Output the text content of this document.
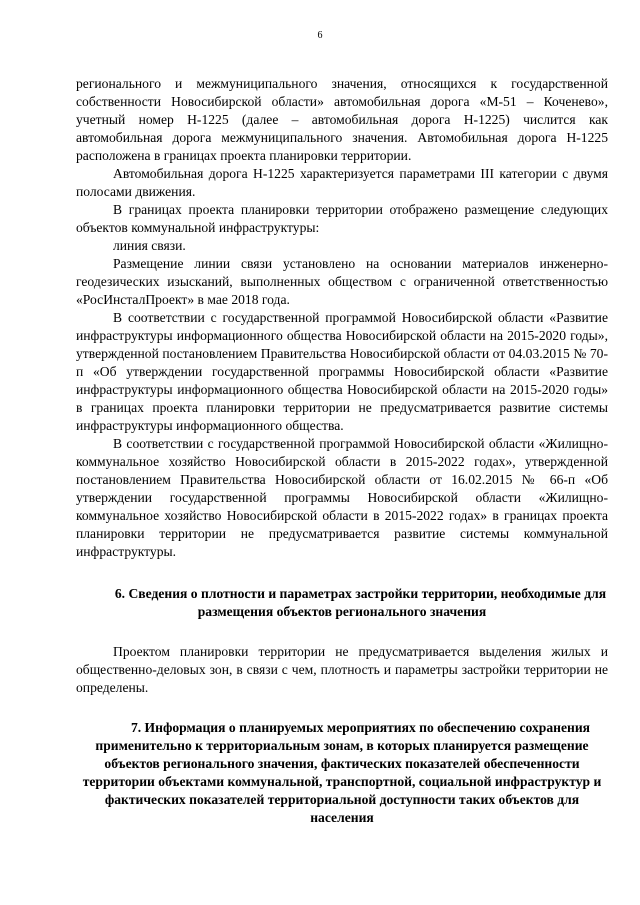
6

регионального и межмуниципального значения, относящихся к государственной собственности Новосибирской области» автомобильная дорога «М-51 – Коченево», учетный номер Н-1225 (далее – автомобильная дорога Н-1225) числится как автомобильная дорога межмуниципального значения. Автомобильная дорога Н-1225 расположена в границах проекта планировки территории.

Автомобильная дорога Н-1225 характеризуется параметрами III категории с двумя полосами движения.

В границах проекта планировки территории отображено размещение следующих объектов коммунальной инфраструктуры:

линия связи.

Размещение линии связи установлено на основании материалов инженерно-геодезических изысканий, выполненных обществом с ограниченной ответственностью «РосИнсталПроект» в мае 2018 года.

В соответствии с государственной программой Новосибирской области «Развитие инфраструктуры информационного общества Новосибирской области на 2015-2020 годы», утвержденной постановлением Правительства Новосибирской области от 04.03.2015 № 70-п «Об утверждении государственной программы Новосибирской области «Развитие инфраструктуры информационного общества Новосибирской области на 2015-2020 годы» в границах проекта планировки территории не предусматривается развитие системы инфраструктуры информационного общества.

В соответствии с государственной программой Новосибирской области «Жилищно-коммунальное хозяйство Новосибирской области в 2015-2022 годах», утвержденной постановлением Правительства Новосибирской области от 16.02.2015 № 66-п «Об утверждении государственной программы Новосибирской области «Жилищно-коммунальное хозяйство Новосибирской области в 2015-2022 годах» в границах проекта планировки территории не предусматривается развитие системы коммунальной инфраструктуры.

6. Сведения о плотности и параметрах застройки территории, необходимые для размещения объектов регионального значения

Проектом планировки территории не предусматривается выделения жилых и общественно-деловых зон, в связи с чем, плотность и параметры застройки территории не определены.

7. Информация о планируемых мероприятиях по обеспечению сохранения применительно к территориальным зонам, в которых планируется размещение объектов регионального значения, фактических показателей обеспеченности территории объектами коммунальной, транспортной, социальной инфраструктур и фактических показателей территориальной доступности таких объектов для населения
